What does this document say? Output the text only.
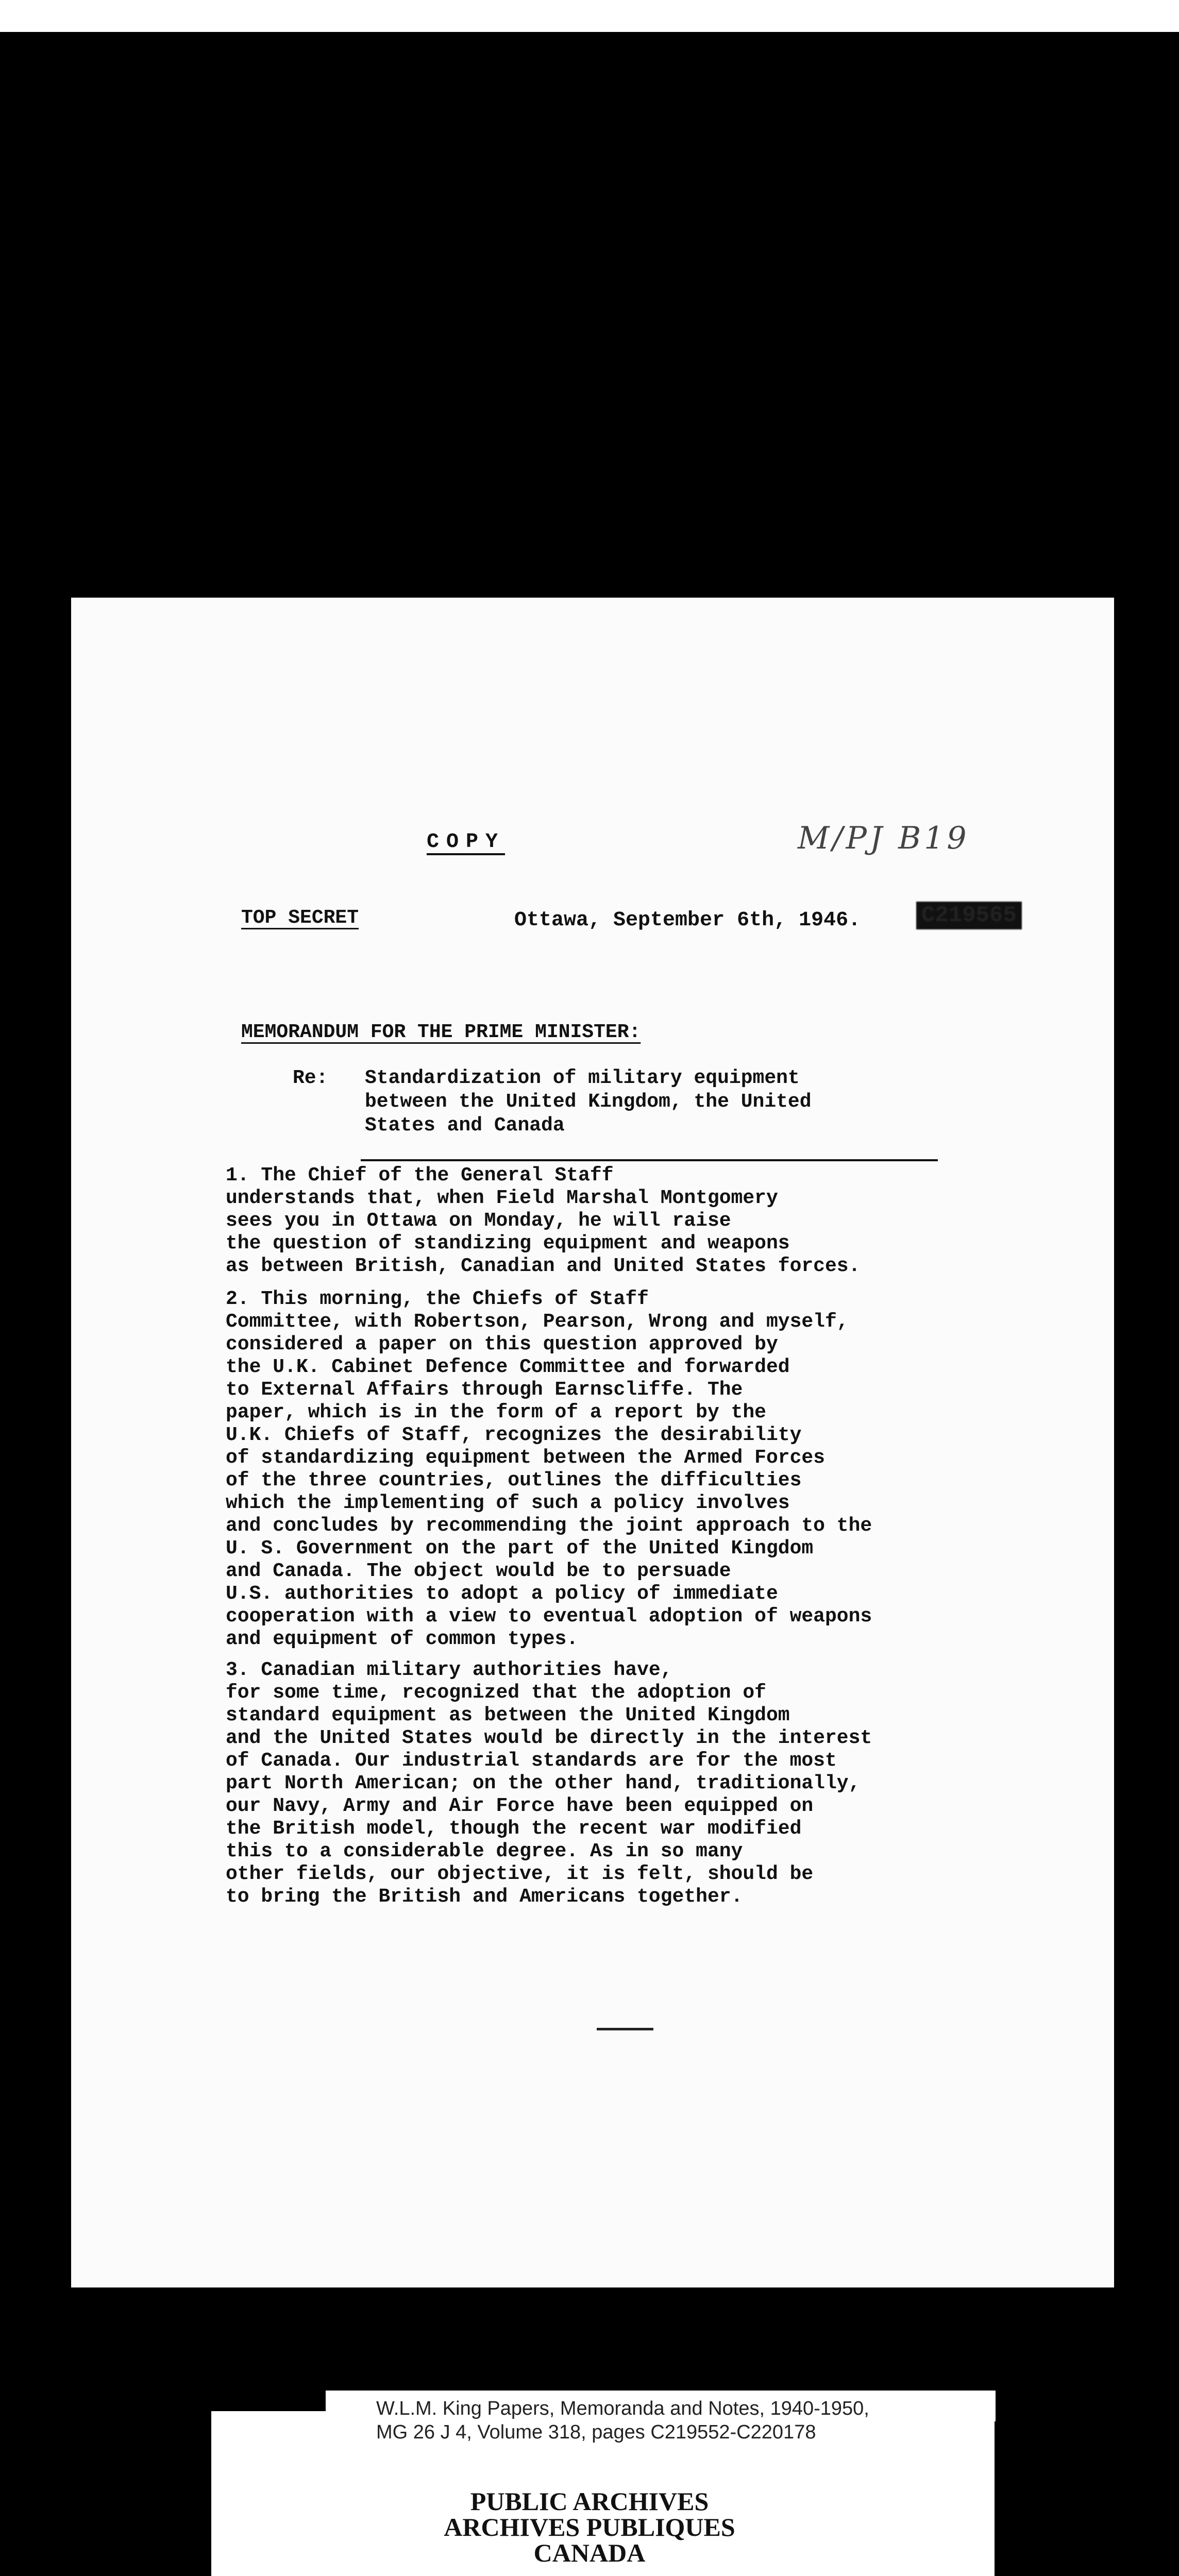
COPY	M/PJ B19
TOP SECRET	Ottawa, September 6th, 1946.	C219565
MEMORANDUM FOR THE PRIME MINISTER:
Re: Standardization of military equipment
between the United Kingdom, the United
States and Canada
1. The Chief of the General Staff
understands that, when Field Marshal Montgomery
sees you in Ottawa on Monday, he will raise
the question of standizing equipment and weapons
as between British, Canadian and United States forces.
2. This morning, the Chiefs of Staff
Committee, with Robertson, Pearson, Wrong and myself,
considered a paper on this question approved by
the U.K. Cabinet Defence Committee and forwarded
to External Affairs through Earnscliffe. The
paper, which is in the form of a report by the
U.K. Chiefs of Staff, recognizes the desirability
of standardizing equipment between the Armed Forces
of the three countries, outlines the difficulties
which the implementing of such a policy involves
and concludes by recommending the joint approach to the
U. S. Government on the part of the United Kingdom
and Canada. The object would be to persuade
U.S. authorities to adopt a policy of immediate
cooperation with a view to eventual adoption of weapons
and equipment of common types.
3. Canadian military authorities have,
for some time, recognized that the adoption of
standard equipment as between the United Kingdom
and the United States would be directly in the interest
of Canada. Our industrial standards are for the most
part North American; on the other hand, traditionally,
our Navy, Army and Air Force have been equipped on
the British model, though the recent war modified
this to a considerable degree. As in so many
other fields, our objective, it is felt, should be
to bring the British and Americans together.
W.L.M. King Papers, Memoranda and Notes, 1940-1950,
MG 26 J 4, Volume 318, pages C219552-C220178
PUBLIC ARCHIVES
ARCHIVES PUBLIQUES
CANADA
